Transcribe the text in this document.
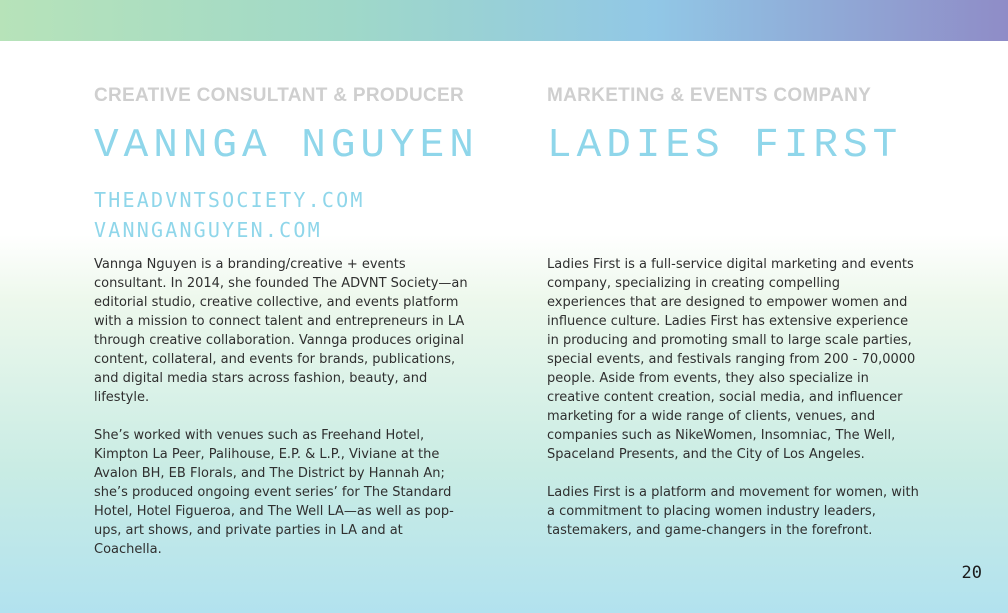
CREATIVE CONSULTANT & PRODUCER

VANNGA NGUYEN

THEADVNTSOCIETY.COM
VANNGANGUYEN.COM

MARKETING & EVENTS COMPANY

LADIES FIRST

Vannga Nguyen is a branding/creative + events consultant. In 2014, she founded The ADVNT Society—an editorial studio, creative collective, and events platform with a mission to connect talent and entrepreneurs in LA through creative collaboration. Vannga produces original content, collateral, and events for brands, publications, and digital media stars across fashion, beauty, and lifestyle.

She’s worked with venues such as Freehand Hotel, Kimpton La Peer, Palihouse, E.P. & L.P., Viviane at the Avalon BH, EB Florals, and The District by Hannah An; she’s produced ongoing event series’ for The Standard Hotel, Hotel Figueroa, and The Well LA—as well as pop-ups, art shows, and private parties in LA and at Coachella.

Ladies First is a full-service digital marketing and events company, specializing in creating compelling experiences that are designed to empower women and influence culture. Ladies First has extensive experience in producing and promoting small to large scale parties, special events, and festivals ranging from 200 - 70,0000 people. Aside from events, they also specialize in creative content creation, social media, and influencer marketing for a wide range of clients, venues, and companies such as NikeWomen, Insomniac, The Well, Spaceland Presents, and the City of Los Angeles.

Ladies First is a platform and movement for women, with a commitment to placing women industry leaders, tastemakers, and game-changers in the forefront.

20
